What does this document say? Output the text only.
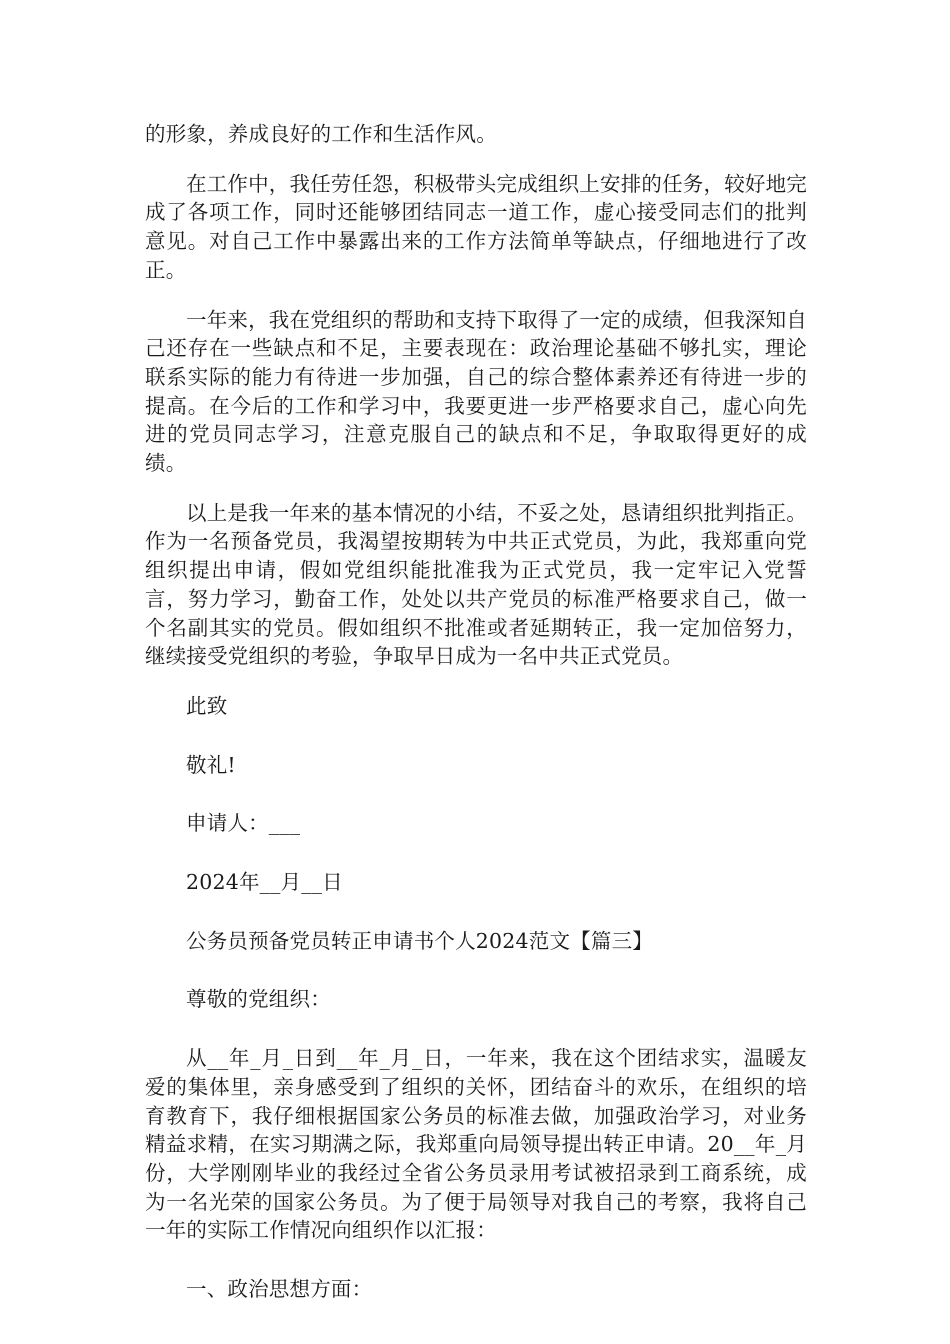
的形象，养成良好的工作和生活作风。

在工作中，我任劳任怨，积极带头完成组织上安排的任务，较好地完成了各项工作，同时还能够团结同志一道工作，虚心接受同志们的批判意见。对自己工作中暴露出来的工作方法简单等缺点，仔细地进行了改正。

一年来，我在党组织的帮助和支持下取得了一定的成绩，但我深知自己还存在一些缺点和不足，主要表现在：政治理论基础不够扎实，理论联系实际的能力有待进一步加强，自己的综合整体素养还有待进一步的提高。在今后的工作和学习中，我要更进一步严格要求自己，虚心向先进的党员同志学习，注意克服自己的缺点和不足，争取取得更好的成绩。

以上是我一年来的基本情况的小结，不妥之处，恳请组织批判指正。作为一名预备党员，我渴望按期转为中共正式党员，为此，我郑重向党组织提出申请，假如党组织能批准我为正式党员，我一定牢记入党誓言，努力学习，勤奋工作，处处以共产党员的标准严格要求自己，做一个名副其实的党员。假如组织不批准或者延期转正，我一定加倍努力，继续接受党组织的考验，争取早日成为一名中共正式党员。

此致

敬礼!

申请人：___

2024年__月__日

公务员预备党员转正申请书个人2024范文【篇三】

尊敬的党组织：

从__年_月_日到__年_月_日，一年来，我在这个团结求实，温暖友爱的集体里，亲身感受到了组织的关怀，团结奋斗的欢乐，在组织的培育教育下，我仔细根据国家公务员的标准去做，加强政治学习，对业务精益求精，在实习期满之际，我郑重向局领导提出转正申请。20__年_月份，大学刚刚毕业的我经过全省公务员录用考试被招录到工商系统，成为一名光荣的国家公务员。为了便于局领导对我自己的考察，我将自己一年的实际工作情况向组织作以汇报：

一、政治思想方面：
